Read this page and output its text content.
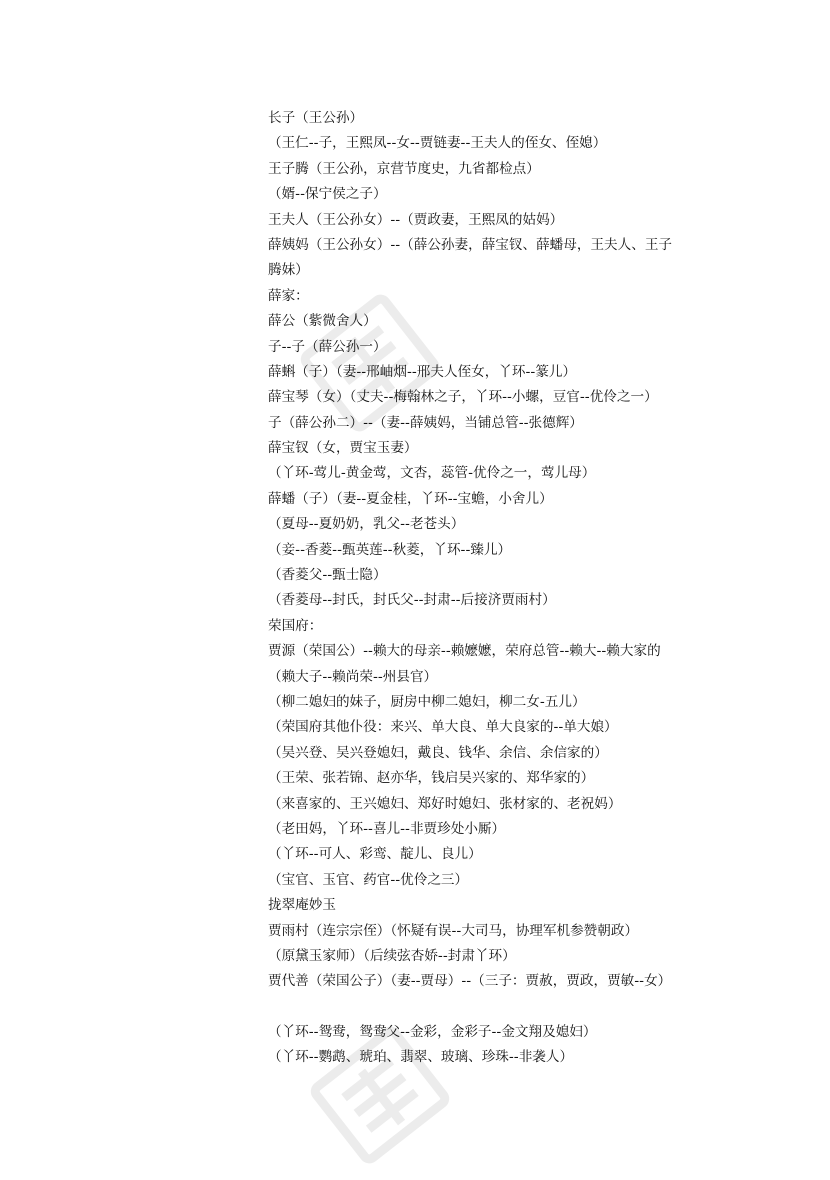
长子（王公孙）
（王仁--子，王熙凤--女--贾链妻--王夫人的侄女、侄媳）
王子腾（王公孙，京营节度史，九省都检点）
（婿--保宁侯之子）
王夫人（王公孙女）--（贾政妻，王熙凤的姑妈）
薛姨妈（王公孙女）--（薛公孙妻，薛宝钗、薛蟠母，王夫人、王子
腾妹）
薛家：
薛公（紫微舍人）
子--子（薛公孙一）
薛蝌（子）（妻--邢岫烟--邢夫人侄女，丫环--篆儿）
薛宝琴（女）（丈夫--梅翰林之子，丫环--小螺，豆官--优伶之一）
子（薛公孙二）--（妻--薛姨妈，当铺总管--张德辉）
薛宝钗（女，贾宝玉妻）
（丫环-莺儿-黄金莺，文杏，蕊管-优伶之一，莺儿母）
薛蟠（子）（妻--夏金桂，丫环--宝蟾，小舍儿）
（夏母--夏奶奶，乳父--老苍头）
（妾--香菱--甄英莲--秋菱，丫环--臻儿）
（香菱父--甄士隐）
（香菱母--封氏，封氏父--封肃--后接济贾雨村）
荣国府：
贾源（荣国公）--赖大的母亲--赖嬷嬷，荣府总管--赖大--赖大家的
（赖大子--赖尚荣--州县官）
（柳二媳妇的妹子，厨房中柳二媳妇，柳二女-五儿）
（荣国府其他仆役：来兴、单大良、单大良家的--单大娘）
（吴兴登、吴兴登媳妇，戴良、钱华、余信、余信家的）
（王荣、张若锦、赵亦华，钱启吴兴家的、郑华家的）
（来喜家的、王兴媳妇、郑好时媳妇、张材家的、老祝妈）
（老田妈，丫环--喜儿--非贾珍处小厮）
（丫环--可人、彩鸾、靛儿、良儿）
（宝官、玉官、药官--优伶之三）
拢翠庵妙玉
贾雨村（连宗宗侄）（怀疑有误--大司马，协理军机参赞朝政）
（原黛玉家师）（后续弦杏娇--封肃丫环）
贾代善（荣国公子）（妻--贾母）--（三子：贾赦，贾政，贾敏--女）
（丫环--鸳鸯，鸳鸯父--金彩，金彩子--金文翔及媳妇）
（丫环--鹦鹉、琥珀、翡翠、玻璃、珍珠--非袭人）
